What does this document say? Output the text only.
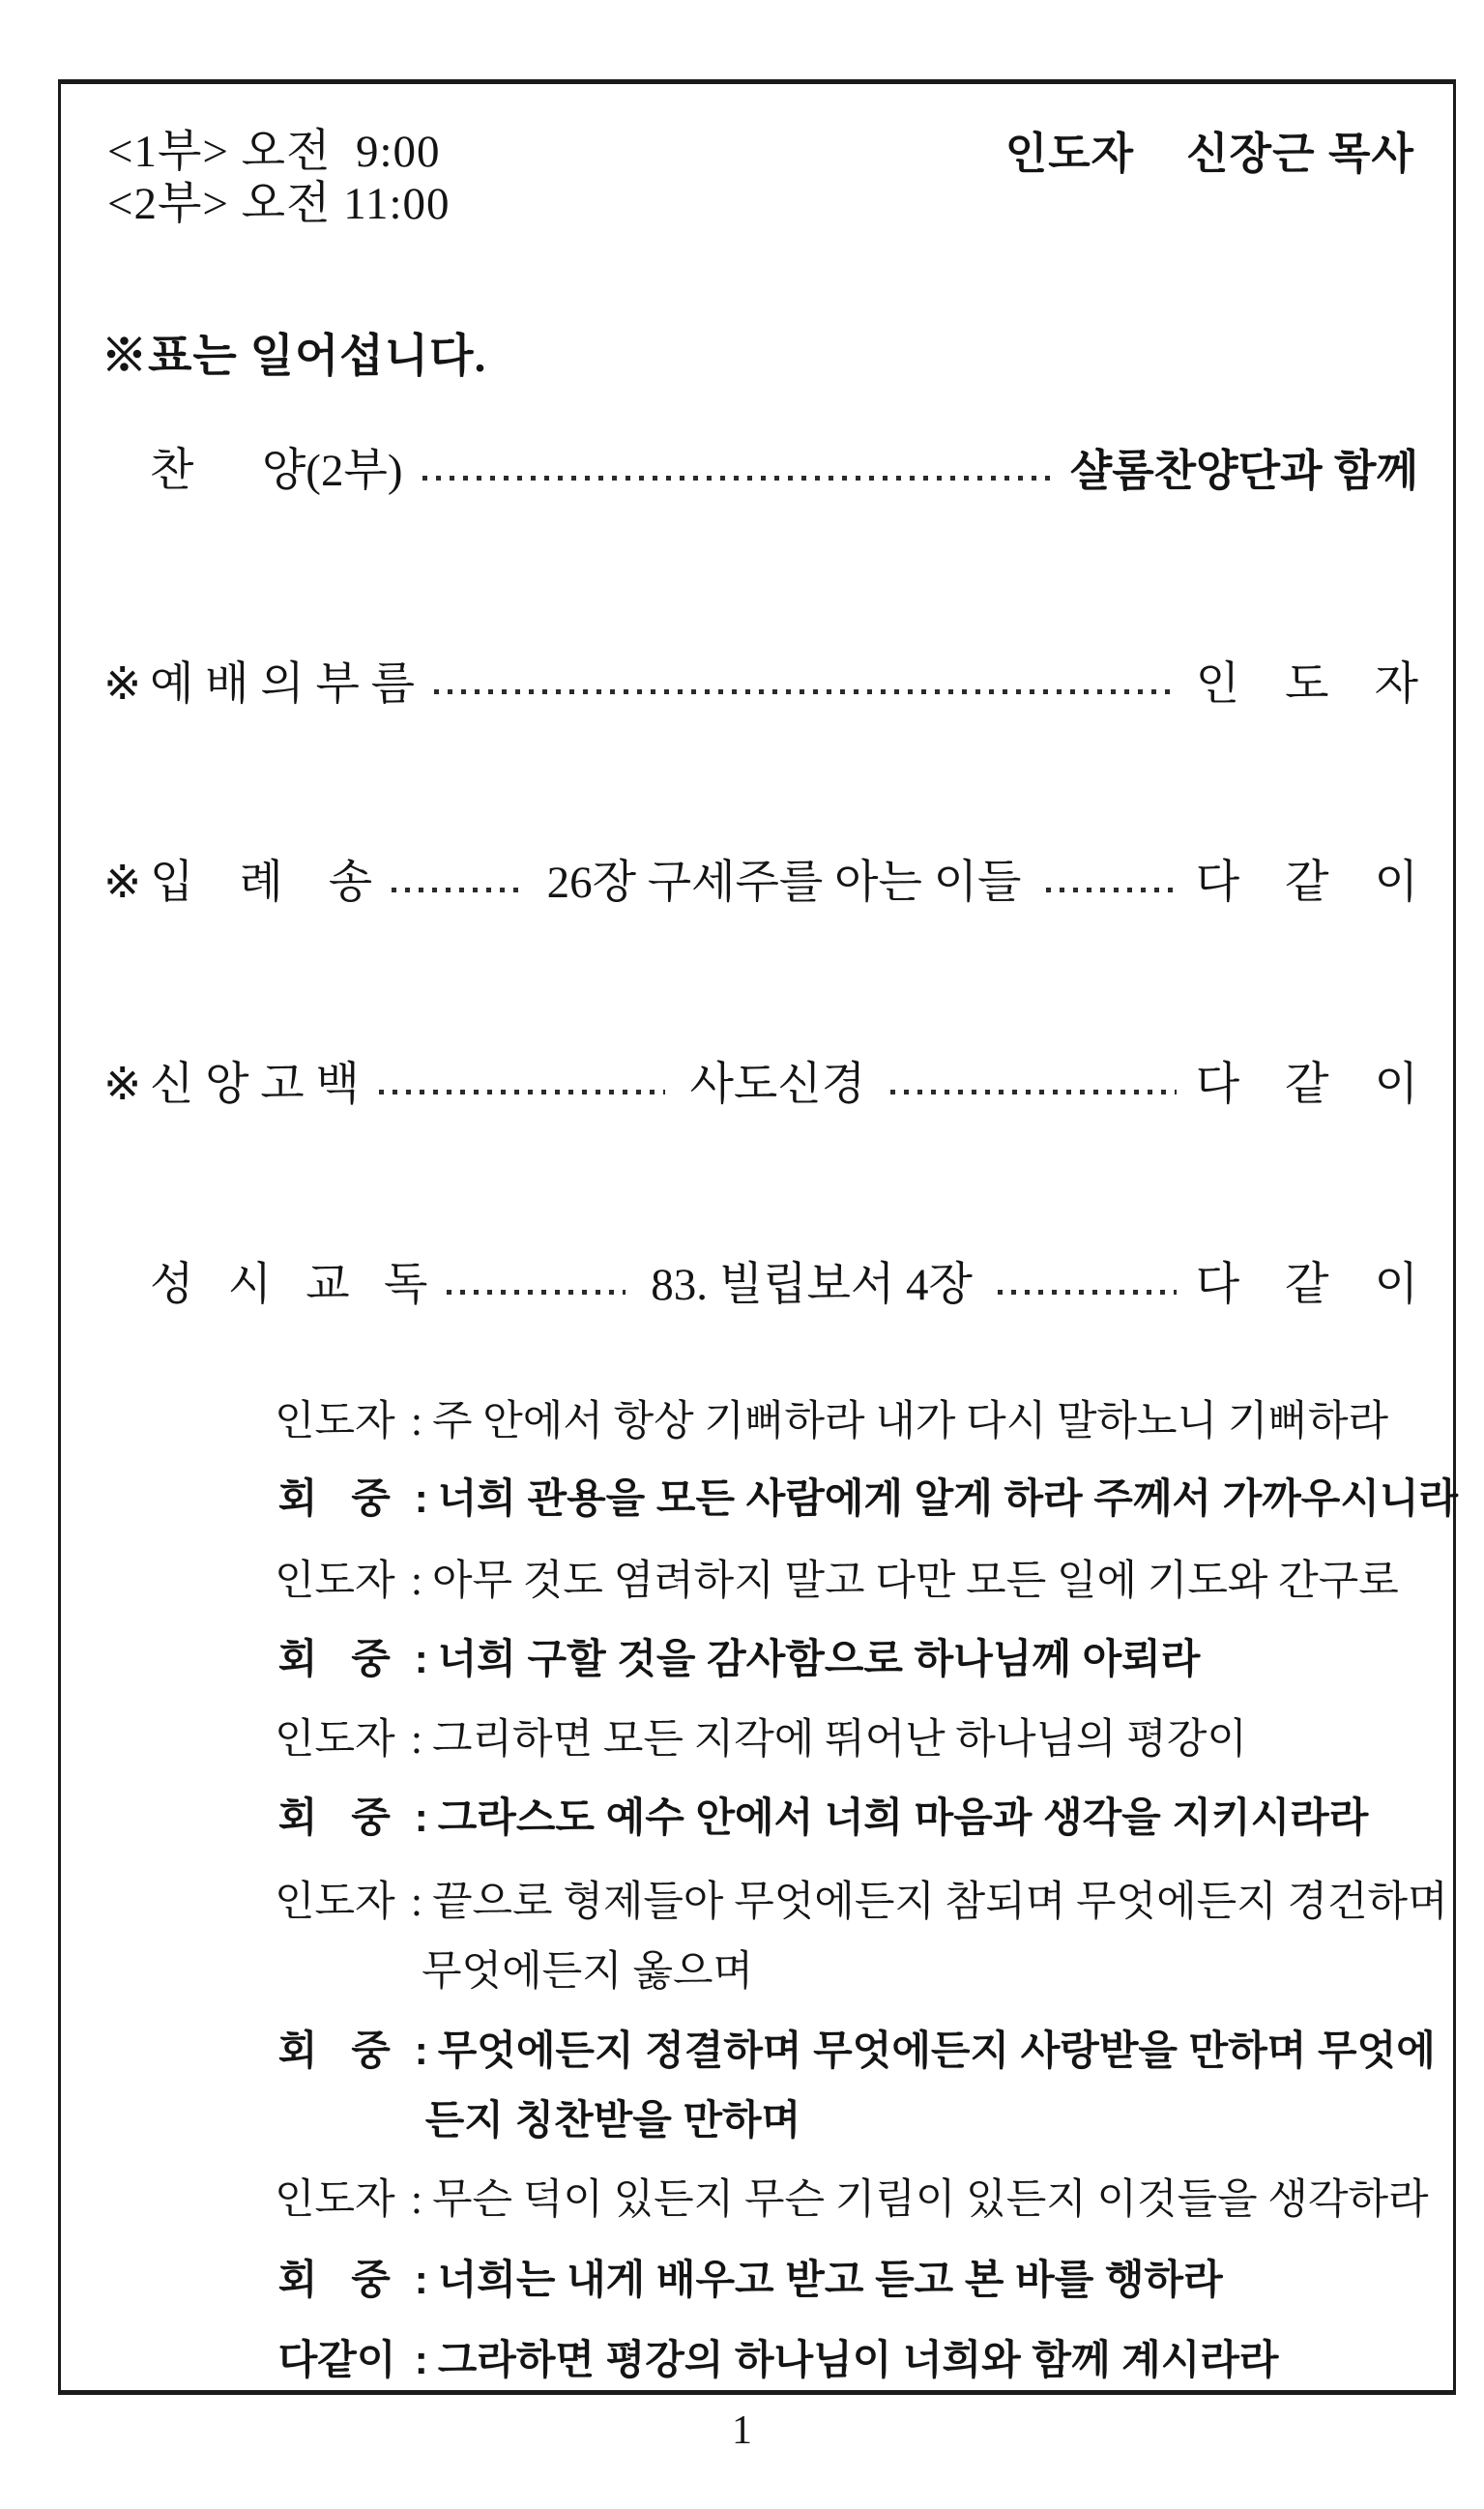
<1부> 오전  9:00
<2부> 오전 11:00
인도자    신장근 목사
※표는 일어섭니다.
찬      양(2부)	샬롬찬양단과 함께
※ 예 배 의 부 름	인    도    자
※ 입    례    송	26장 구세주를 아는 이들	다    같    이
※ 신 앙 고 백	사도신경	다    같    이
성   시   교   독	83. 빌립보서 4장	다    같    이

인도자 : 주 안에서 항상 기뻐하라 내가 다시 말하노니 기뻐하라

회   중 : 너희 관용을 모든 사람에게 알게 하라 주께서 가까우시니라

인도자 : 아무 것도 염려하지 말고 다만 모든 일에 기도와 간구로

회   중 : 너희 구할 것을 감사함으로 하나님께 아뢰라

인도자 : 그리하면 모든 지각에 뛰어난 하나님의 평강이

회   중 : 그라스도 예수 안에서 너희 마음과 생각을 지키시라라

인도자 : 끝으로 형제들아 무엇에든지 참되며 무엇에든지 경건하며

무엇에든지 옳으며

회   중 : 무엇에든지 정결하며 무엇에든지 사랑받을 만하며 무엇에

든지 칭찬받을 만하며

인도자 : 무슨 덕이 있든지 무슨 기림이 있든지 이것들을 생각하라

회   중 : 너희는 내게 배우고 받고 듣고 본 바를 행하라

다같이 : 그라하면 평강의 하나님이 너희와 함께 계시라라

1
